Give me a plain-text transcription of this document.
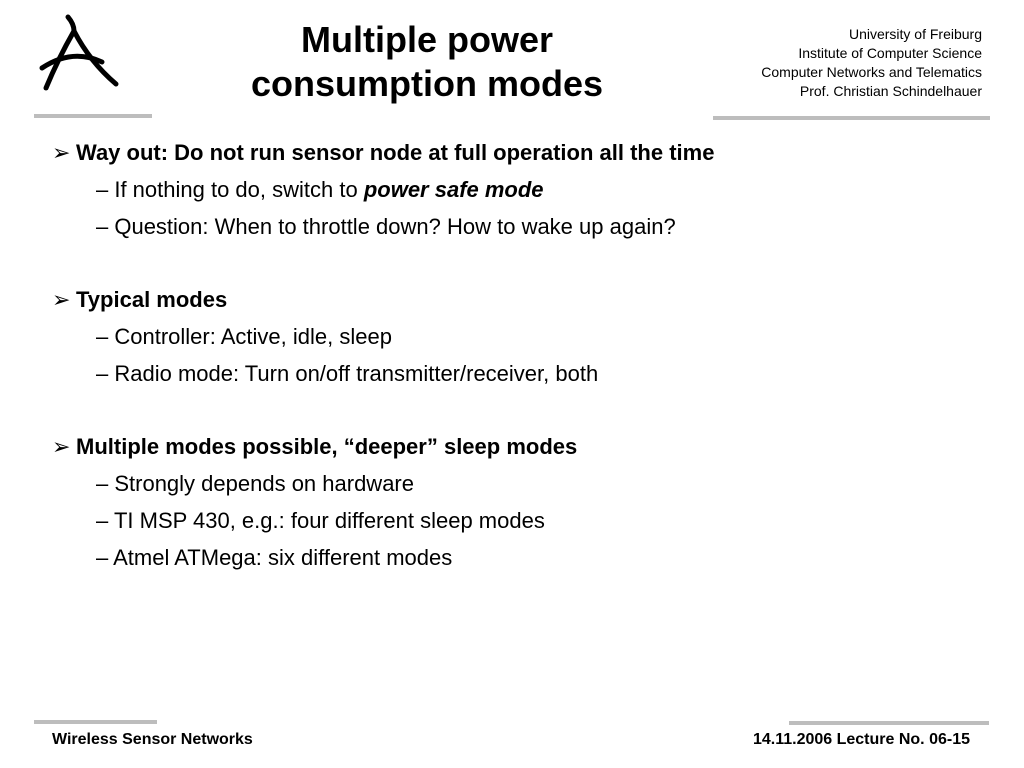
Multiple power
consumption modes
University of Freiburg
Institute of Computer Science
Computer Networks and Telematics
Prof. Christian Schindelhauer
➢ Way out: Do not run sensor node at full operation all the time
– If nothing to do, switch to power safe mode
– Question: When to throttle down? How to wake up again?
➢ Typical modes
– Controller: Active, idle, sleep
– Radio mode: Turn on/off transmitter/receiver, both
➢ Multiple modes possible, “deeper” sleep modes
– Strongly depends on hardware
– TI MSP 430, e.g.: four different sleep modes
– Atmel ATMega: six different modes
Wireless Sensor Networks	14.11.2006 Lecture No. 06-15
